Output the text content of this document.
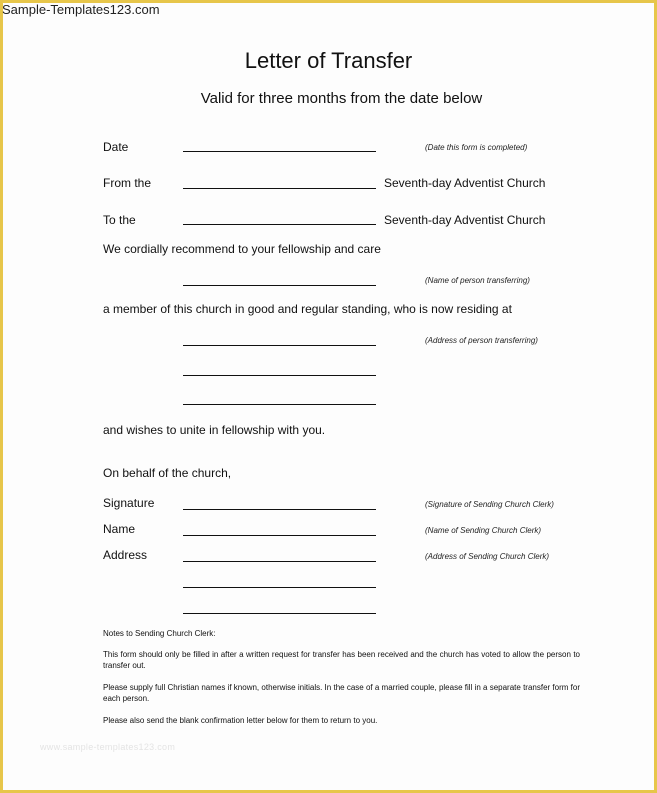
Sample-Templates123.com
Letter of Transfer
Valid for three months from the date below
Date	(Date this form is completed)
From the	Seventh-day Adventist Church
To the	Seventh-day Adventist Church
We cordially recommend to your fellowship and care
(Name of person transferring)
a member of this church in good and regular standing, who is now residing at
(Address of person transferring)
and wishes to unite in fellowship with you.
On behalf of the church,
Signature	(Signature of Sending Church Clerk)
Name	(Name of Sending Church Clerk)
Address	(Address of Sending Church Clerk)
Notes to Sending Church Clerk:
This form should only be filled in after a written request for transfer has been received and the church has voted to allow the person to transfer out.
Please supply full Christian names if known, otherwise initials. In the case of a married couple, please fill in a separate transfer form for each person.
Please also send the blank confirmation letter below for them to return to you.
www.sample-templates123.com
